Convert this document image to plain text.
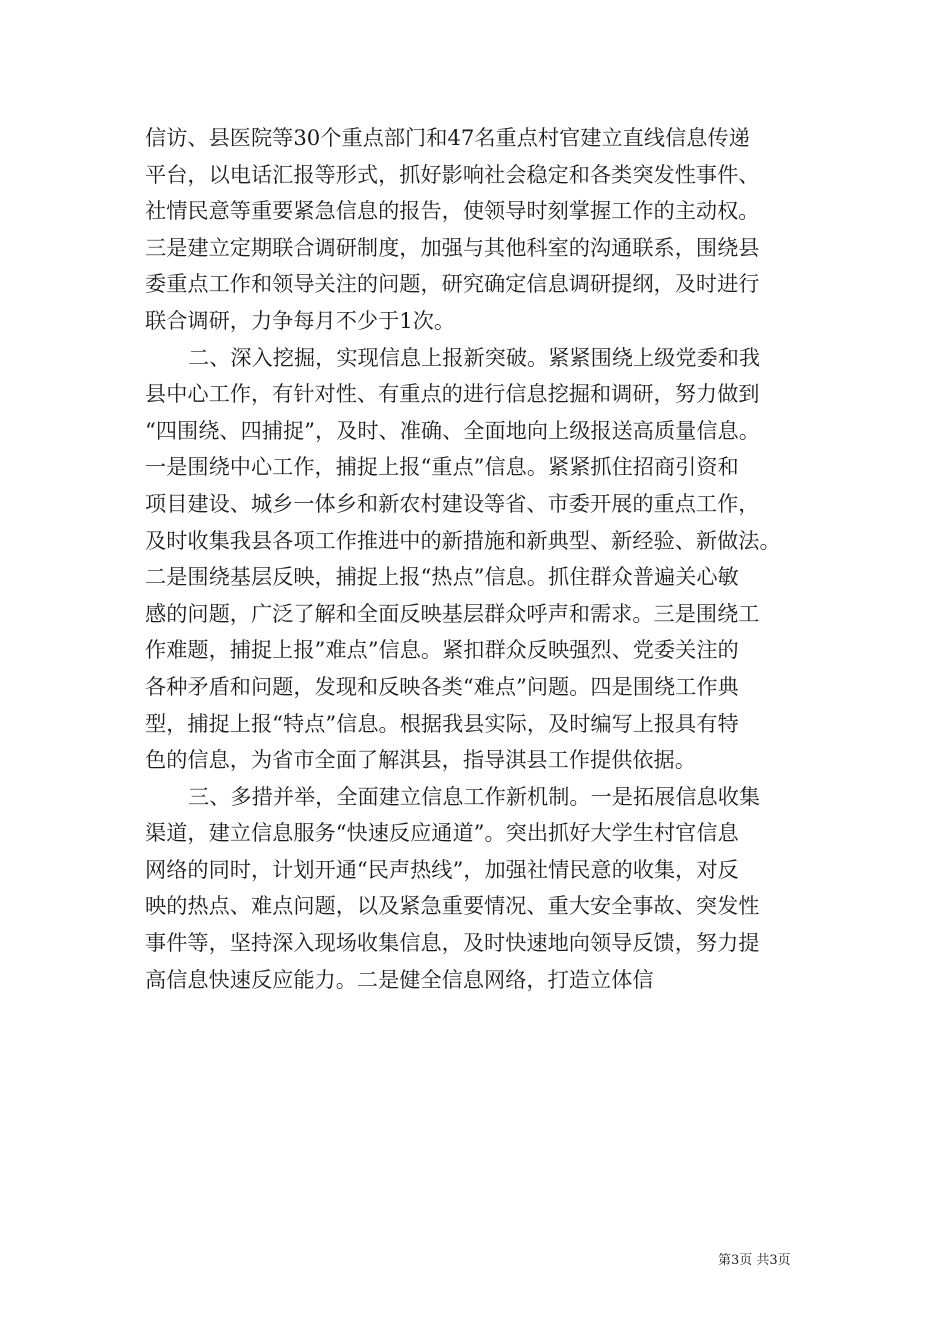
信访、县医院等30个重点部门和47名重点村官建立直线信息传递
平台，以电话汇报等形式，抓好影响社会稳定和各类突发性事件、
社情民意等重要紧急信息的报告，使领导时刻掌握工作的主动权。
三是建立定期联合调研制度，加强与其他科室的沟通联系，围绕县
委重点工作和领导关注的问题，研究确定信息调研提纲，及时进行
联合调研，力争每月不少于1次。
二、深入挖掘，实现信息上报新突破。紧紧围绕上级党委和我
县中心工作，有针对性、有重点的进行信息挖掘和调研，努力做到
“四围绕、四捕捉”，及时、准确、全面地向上级报送高质量信息。
一是围绕中心工作，捕捉上报“重点”信息。紧紧抓住招商引资和
项目建设、城乡一体乡和新农村建设等省、市委开展的重点工作，
及时收集我县各项工作推进中的新措施和新典型、新经验、新做法。
二是围绕基层反映，捕捉上报“热点”信息。抓住群众普遍关心敏
感的问题，广泛了解和全面反映基层群众呼声和需求。三是围绕工
作难题，捕捉上报”难点”信息。紧扣群众反映强烈、党委关注的
各种矛盾和问题，发现和反映各类“难点”问题。四是围绕工作典
型，捕捉上报“特点”信息。根据我县实际，及时编写上报具有特
色的信息，为省市全面了解淇县，指导淇县工作提供依据。
三、多措并举，全面建立信息工作新机制。一是拓展信息收集
渠道，建立信息服务“快速反应通道”。突出抓好大学生村官信息
网络的同时，计划开通“民声热线”，加强社情民意的收集，对反
映的热点、难点问题，以及紧急重要情况、重大安全事故、突发性
事件等，坚持深入现场收集信息，及时快速地向领导反馈，努力提
高信息快速反应能力。二是健全信息网络，打造立体信
第3页 共3页
